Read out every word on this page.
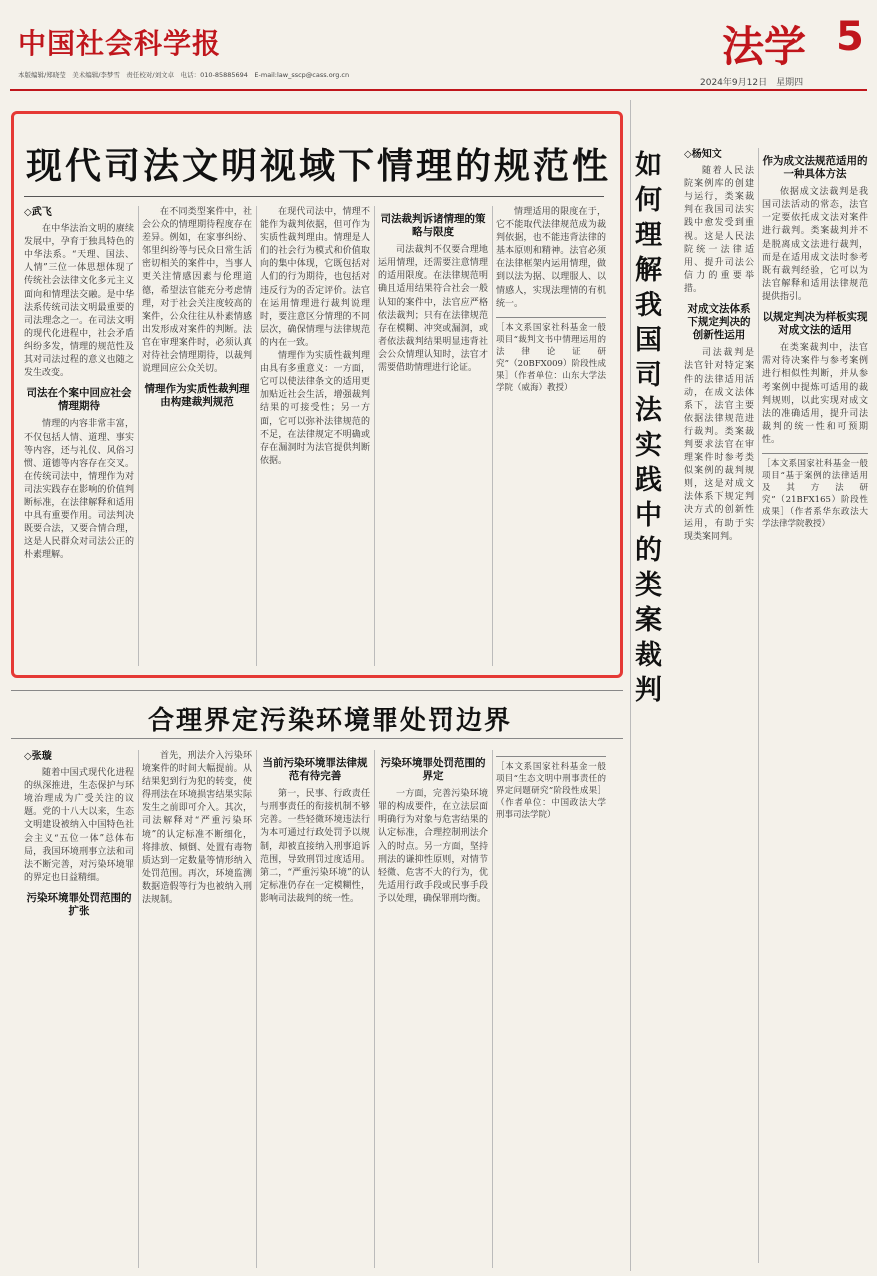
中国社会科学报
本版编辑/郑晓莹　美术编辑/李梦雪　责任校对/刘文卓　电话：010-85885694　E-mail:law_sscp@cass.org.cn
法学 5
2024年9月12日　星期四
现代司法文明视域下情理的规范性
◇武飞
在中华法治文明的赓续发展中，孕育于独具特色的中华法系。“天理、国法、人情”三位一体思想体现了传统社会法律文化多元主义面向和情理法交融。是中华法系传统司法文明最重要的司法理念之一。在司法文明的现代化进程中，社会矛盾纠纷多发，情理的规范性及其对司法过程的意义也随之发生改变。
司法在个案中回应社会情理期待
情理的内容非常丰富，不仅包括人情、道理、事实等内容，还与礼仪、风俗习惯、道德等内容存在交叉。在传统司法中，情理作为对司法实践存在影响的价值判断标准，在法律解释和适用中具有重要作用。司法判决既要合法，又要合情合理，这是人民群众对司法公正的朴素理解。
在不同类型案件中，社会公众的情理期待程度存在差异。例如，在家事纠纷、邻里纠纷等与民众日常生活密切相关的案件中，当事人更关注情感因素与伦理道德，希望法官能充分考虑情理，对于社会关注度较高的案件，公众往往从朴素情感出发形成对案件的判断。法官在审理案件时，必须认真对待社会情理期待，以裁判说理回应公众关切。
情理作为实质性裁判理由构建裁判规范
在现代司法中，情理不能作为裁判依据，但可作为实质性裁判理由。情理是人们的社会行为模式和价值取向的集中体现，它既包括对人们的行为期待，也包括对违反行为的否定评价。法官在运用情理进行裁判说理时，要注意区分情理的不同层次，确保情理与法律规范的内在一致。
情理作为实质性裁判理由具有多重意义：一方面，它可以使法律条文的适用更加贴近社会生活，增强裁判结果的可接受性；另一方面，它可以弥补法律规范的不足，在法律规定不明确或存在漏洞时为法官提供判断依据。
司法裁判诉诸情理的策略与限度
司法裁判不仅要合理地运用情理，还需要注意情理的适用限度。在法律规范明确且适用结果符合社会一般认知的案件中，法官应严格依法裁判；只有在法律规范存在模糊、冲突或漏洞，或者依法裁判结果明显违背社会公众情理认知时，法官才需要借助情理进行论证。
情理适用的限度在于，它不能取代法律规范成为裁判依据，也不能违背法律的基本原则和精神。法官必须在法律框架内运用情理，做到以法为据、以理服人、以情感人，实现法理情的有机统一。
［本文系国家社科基金一般项目“裁判文书中情理运用的法律论证研究”（20BFX009）阶段性成果］（作者单位：山东大学法学院（威海）教授）
合理界定污染环境罪处罚边界
◇张璇
随着中国式现代化进程的纵深推进，生态保护与环境治理成为广受关注的议题。党的十八大以来，生态文明建设被纳入中国特色社会主义“五位一体”总体布局，我国环境刑事立法和司法不断完善，对污染环境罪的界定也日益精细。
污染环境罪处罚范围的扩张
首先，刑法介入污染环境案件的时间大幅提前。从结果犯到行为犯的转变，使得刑法在环境损害结果实际发生之前即可介入。其次，司法解释对“严重污染环境”的认定标准不断细化，将排放、倾倒、处置有毒物质达到一定数量等情形纳入处罚范围。再次，环境监测数据造假等行为也被纳入刑法规制。
当前污染环境罪法律规范有待完善
第一，民事、行政责任与刑事责任的衔接机制不够完善。一些轻微环境违法行为本可通过行政处罚予以规制，却被直接纳入刑事追诉范围，导致刑罚过度适用。第二，“严重污染环境”的认定标准仍存在一定模糊性，影响司法裁判的统一性。
污染环境罪处罚范围的界定
一方面，完善污染环境罪的构成要件，在立法层面明确行为对象与危害结果的认定标准，合理控制刑法介入的时点。另一方面，坚持刑法的谦抑性原则，对情节轻微、危害不大的行为，优先适用行政手段或民事手段予以处理，确保罪刑均衡。
［本文系国家社科基金一般项目“生态文明中刑事责任的界定问题研究”阶段性成果］（作者单位：中国政法大学刑事司法学院）
如何理解我国司法实践中的类案裁判
◇杨知文
随着人民法院案例库的创建与运行，类案裁判在我国司法实践中愈发受到重视。这是人民法院统一法律适用、提升司法公信力的重要举措。
对成文法体系下规定判决的创新性运用
司法裁判是法官针对特定案件的法律适用活动，在成文法体系下，法官主要依据法律规范进行裁判。类案裁判要求法官在审理案件时参考类似案例的裁判规则，这是对成文法体系下规定判决方式的创新性运用，有助于实现类案同判。
作为成文法规范适用的一种具体方法
依据成文法裁判是我国司法活动的常态，法官一定要依托成文法对案件进行裁判。类案裁判并不是脱离成文法进行裁判，而是在适用成文法时参考既有裁判经验，它可以为法官解释和适用法律规范提供指引。
以规定判决为样板实现对成文法的适用
在类案裁判中，法官需对待决案件与参考案例进行相似性判断，并从参考案例中提炼可适用的裁判规则，以此实现对成文法的准确适用，提升司法裁判的统一性和可预期性。
［本文系国家社科基金一般项目“基于案例的法律适用及其方法研究”（21BFX165）阶段性成果］（作者系华东政法大学法律学院教授）
